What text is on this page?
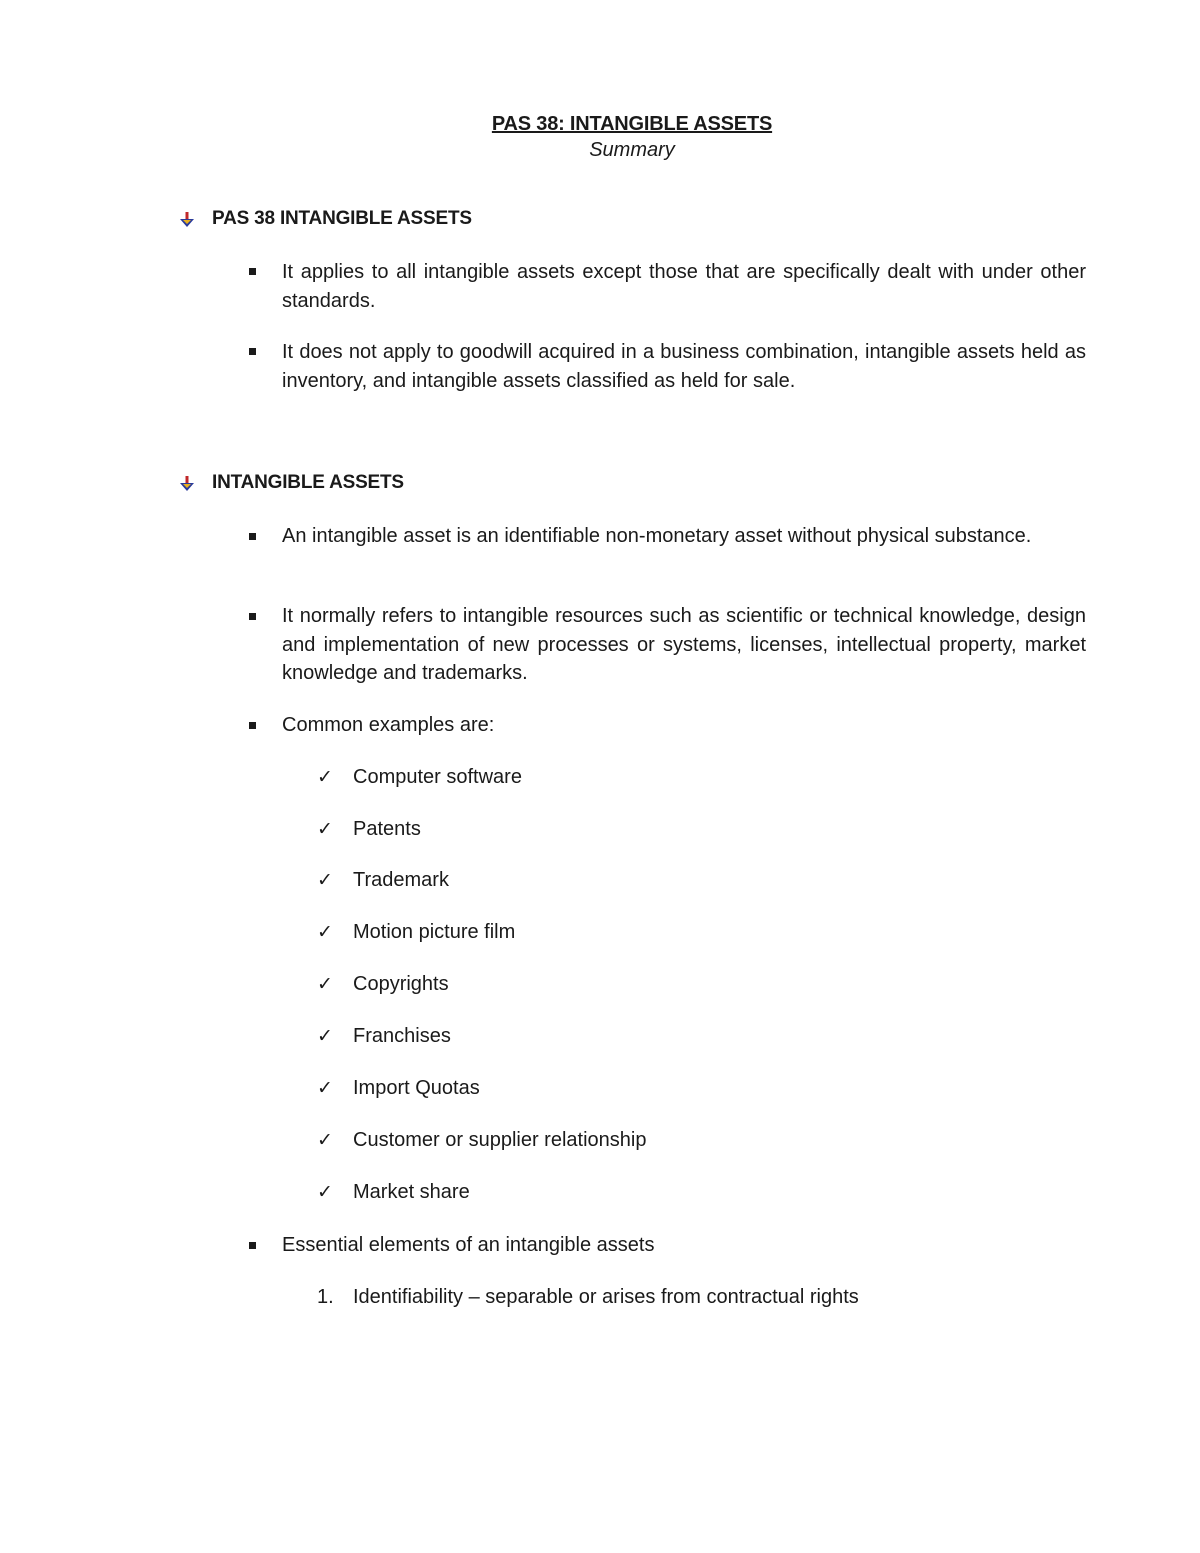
PAS 38: INTANGIBLE ASSETS
Summary
PAS 38 INTANGIBLE ASSETS
It applies to all intangible assets except those that are specifically dealt with under other standards.
It does not apply to goodwill acquired in a business combination, intangible assets held as inventory, and intangible assets classified as held for sale.
INTANGIBLE ASSETS
An intangible asset is an identifiable non-monetary asset without physical substance.
It normally refers to intangible resources such as scientific or technical knowledge, design and implementation of new processes or systems, licenses, intellectual property, market knowledge and trademarks.
Common examples are:
✓ Computer software
✓ Patents
✓ Trademark
✓ Motion picture film
✓ Copyrights
✓ Franchises
✓ Import Quotas
✓ Customer or supplier relationship
✓ Market share
Essential elements of an intangible assets
1. Identifiability – separable or arises from contractual rights
